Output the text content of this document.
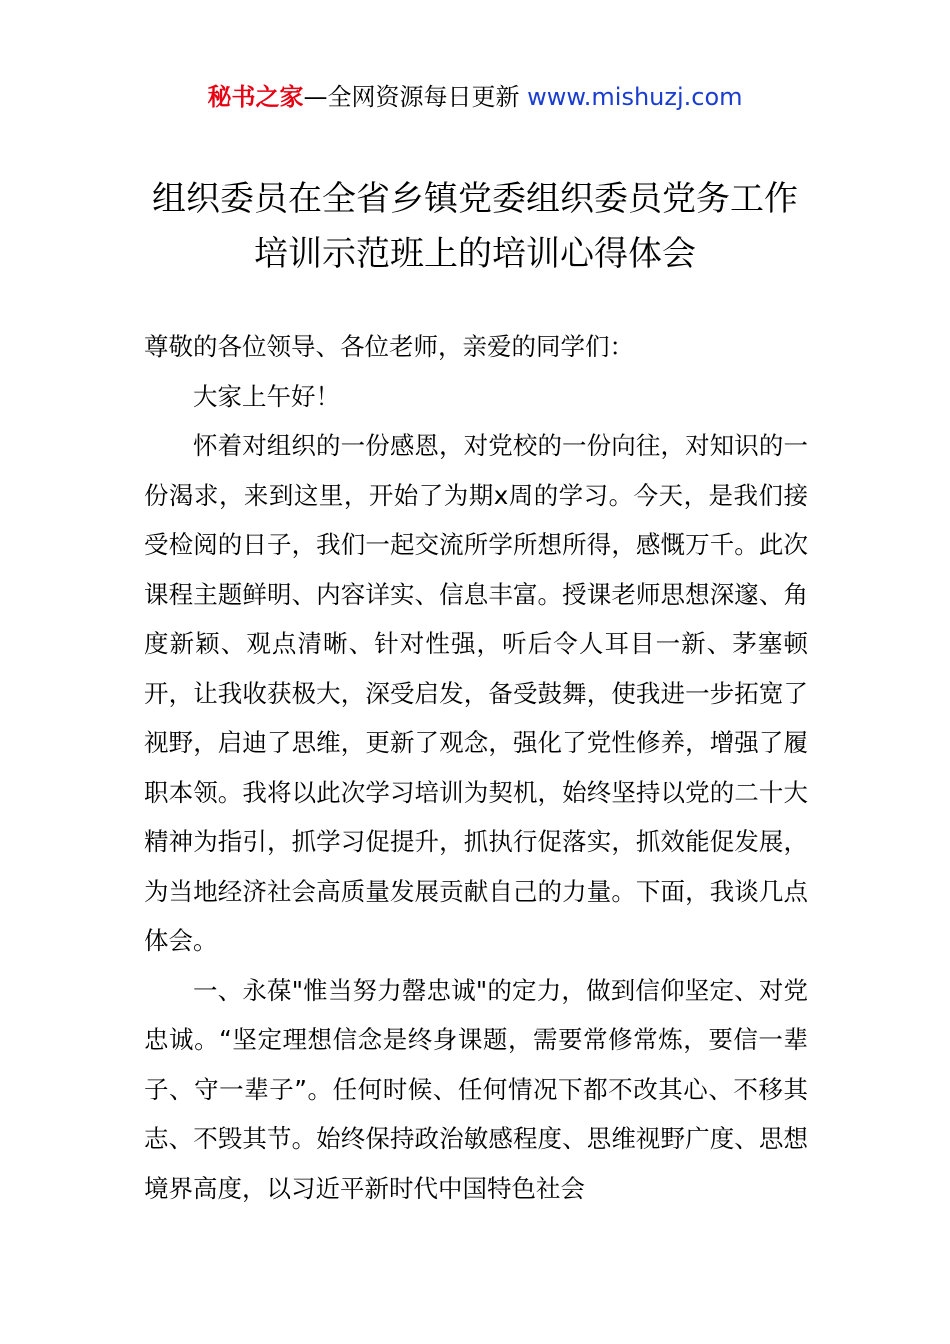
秘书之家—全网资源每日更新 www.mishuzj.com
组织委员在全省乡镇党委组织委员党务工作培训示范班上的培训心得体会

尊敬的各位领导、各位老师，亲爱的同学们：

大家上午好！

怀着对组织的一份感恩，对党校的一份向往，对知识的一份渴求，来到这里，开始了为期x周的学习。今天，是我们接受检阅的日子，我们一起交流所学所想所得，感慨万千。此次课程主题鲜明、内容详实、信息丰富。授课老师思想深邃、角度新颖、观点清晰、针对性强，听后令人耳目一新、茅塞顿开，让我收获极大，深受启发，备受鼓舞，使我进一步拓宽了视野，启迪了思维，更新了观念，强化了党性修养，增强了履职本领。我将以此次学习培训为契机，始终坚持以党的二十大精神为指引，抓学习促提升，抓执行促落实，抓效能促发展，为当地经济社会高质量发展贡献自己的力量。下面，我谈几点体会。

一、永葆"惟当努力罄忠诚"的定力，做到信仰坚定、对党忠诚。“坚定理想信念是终身课题，需要常修常炼，要信一辈子、守一辈子”。任何时候、任何情况下都不改其心、不移其志、不毁其节。始终保持政治敏感程度、思维视野广度、思想境界高度，以习近平新时代中国特色社会
